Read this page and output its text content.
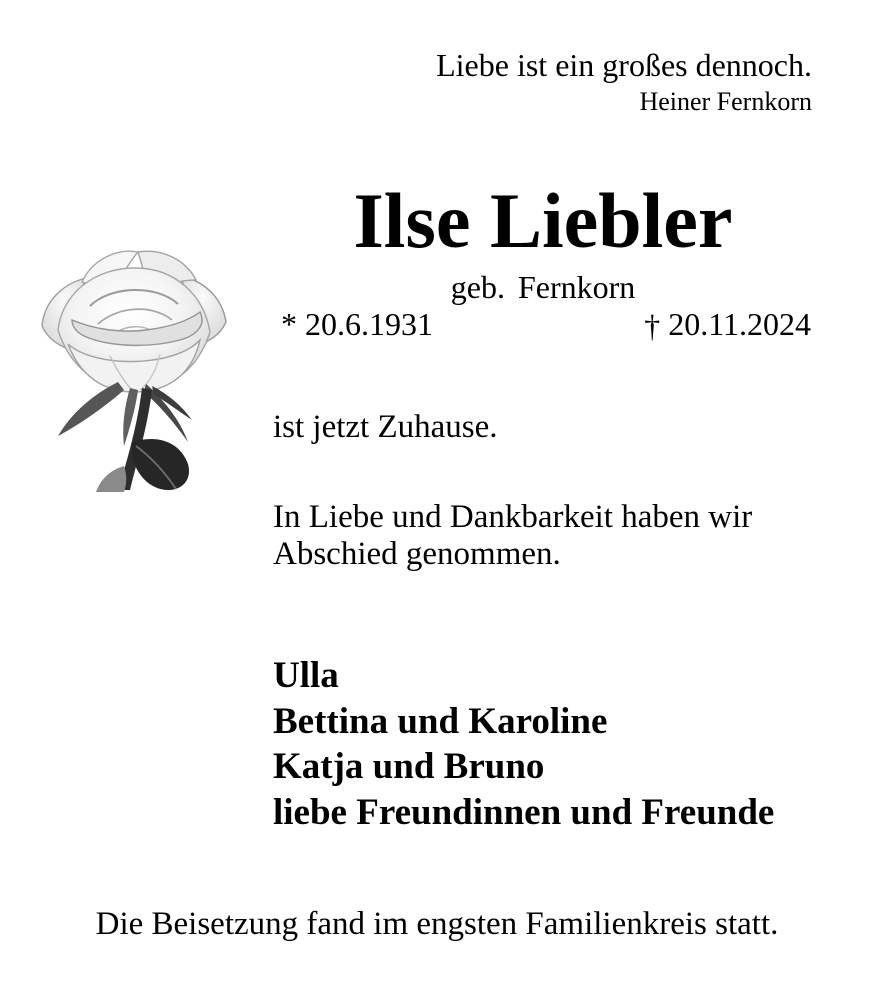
Liebe ist ein großes dennoch.
Heiner Fernkorn
Ilse Liebler
geb. Fernkorn
* 20.6.1931	† 20.11.2024
ist jetzt Zuhause.
In Liebe und Dankbarkeit haben wir Abschied genommen.
Ulla
Bettina und Karoline
Katja und Bruno
liebe Freundinnen und Freunde
Die Beisetzung fand im engsten Familienkreis statt.
